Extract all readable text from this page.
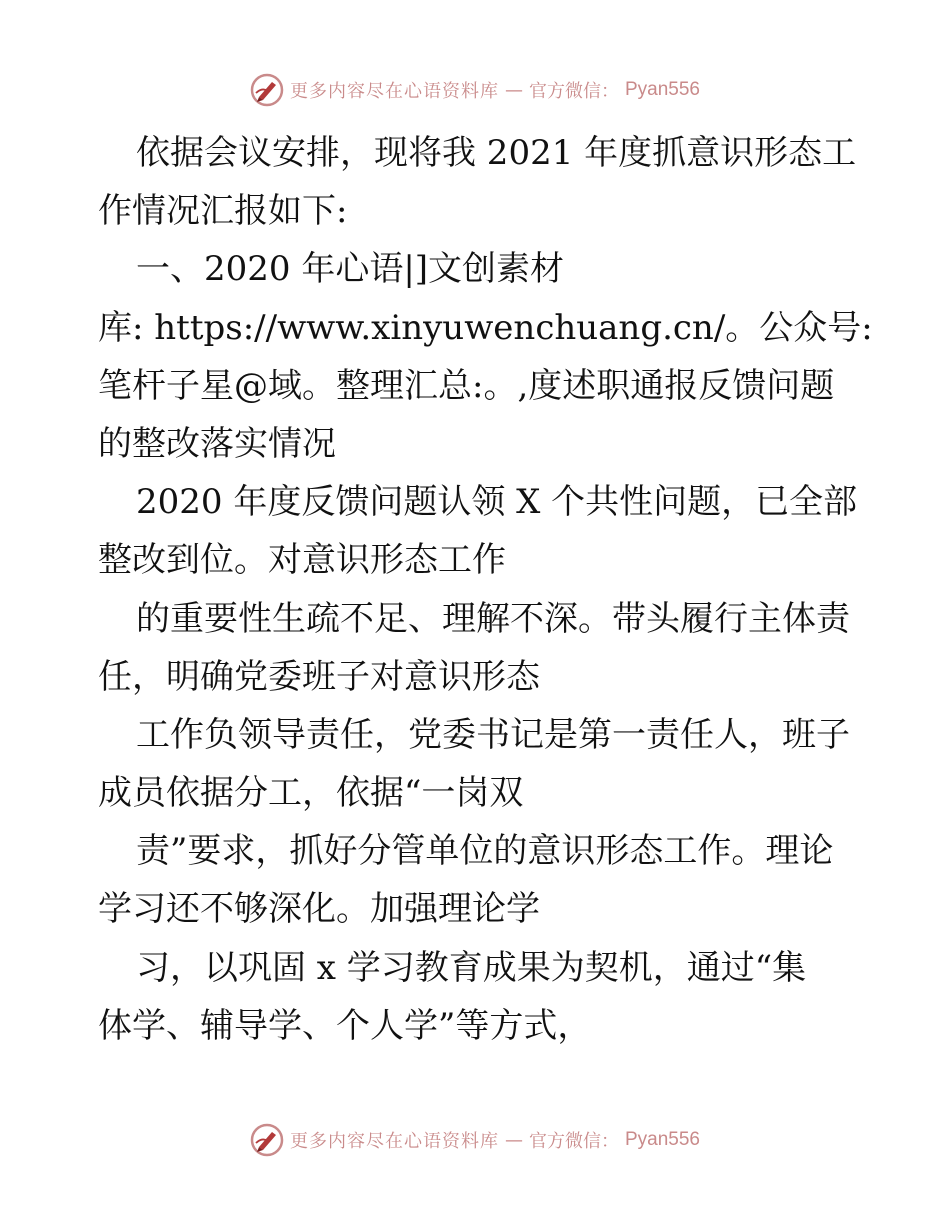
更多内容尽在心语资料库 — 官方微信： Pyan556
依据会议安排，现将我 2021 年度抓意识形态工
作情况汇报如下:
一、2020 年心语|]文创素材
库: https://www.xinyuwenchuang.cn/。公众号:
笔杆子星@域。整理汇总:。,度述职通报反馈问题
的整改落实情况
2020 年度反馈问题认领 X 个共性问题，已全部
整改到位。对意识形态工作
的重要性生疏不足、理解不深。带头履行主体责
任，明确党委班子对意识形态
工作负领导责任，党委书记是第一责任人，班子
成员依据分工，依据“一岗双
责”要求，抓好分管单位的意识形态工作。理论
学习还不够深化。加强理论学
习，以巩固 x 学习教育成果为契机，通过“集
体学、辅导学、个人学”等方式，
更多内容尽在心语资料库 — 官方微信： Pyan556
